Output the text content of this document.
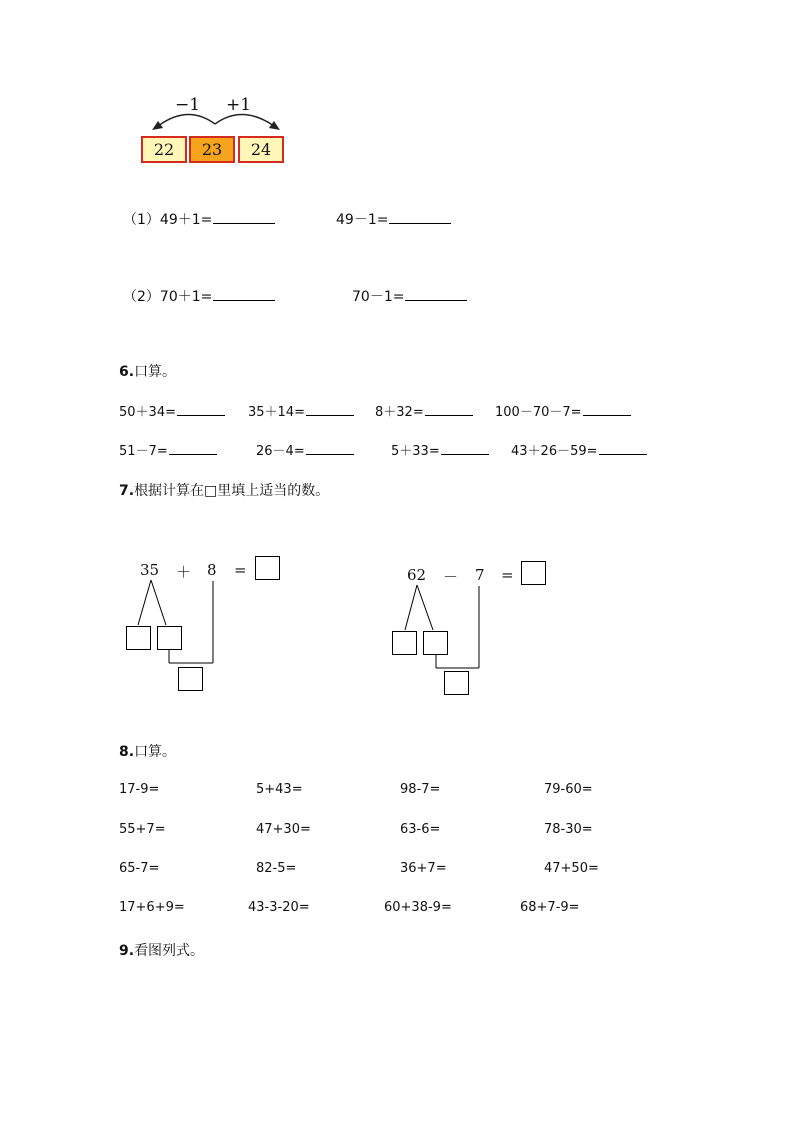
−1 +1
22	23	24
（1）49＋1=	49－1=
（2）70＋1=	70－1=
6.口算。
50＋34=	35＋14=	8＋32=	100－70－7=
51－7=	26－4=	5＋33=	43＋26－59=
7.根据计算在□里填上适当的数。
35 ＋ 8 =	62 － 7 =
8.口算。
17-9=	5+43=	98-7=	79-60=
55+7=	47+30=	63-6=	78-30=
65-7=	82-5=	36+7=	47+50=
17+6+9=	43-3-20=	60+38-9=	68+7-9=
9.看图列式。
